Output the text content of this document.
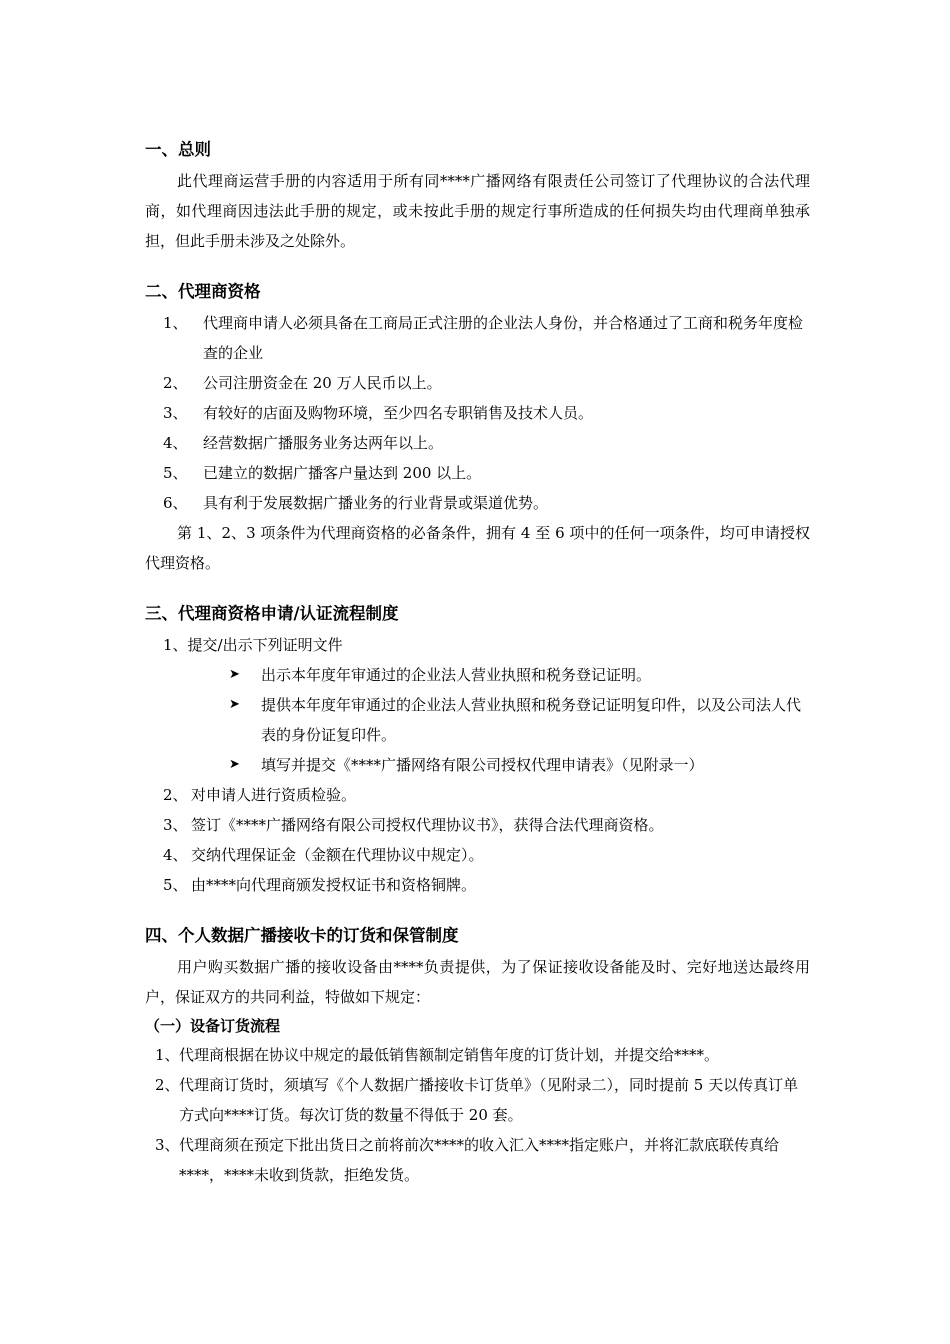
一、总则

此代理商运营手册的内容适用于所有同****广播网络有限责任公司签订了代理协议的合法代理商，如代理商因违法此手册的规定，或未按此手册的规定行事所造成的任何损失均由代理商单独承担，但此手册未涉及之处除外。

二、代理商资格
1、 代理商申请人必须具备在工商局正式注册的企业法人身份，并合格通过了工商和税务年度检查的企业
2、 公司注册资金在 20 万人民币以上。
3、 有较好的店面及购物环境，至少四名专职销售及技术人员。
4、 经营数据广播服务业务达两年以上。
5、 已建立的数据广播客户量达到 200 以上。
6、 具有利于发展数据广播业务的行业背景或渠道优势。

第 1、2、3 项条件为代理商资格的必备条件，拥有 4 至 6 项中的任何一项条件，均可申请授权代理资格。

三、代理商资格申请/认证流程制度
1、提交/出示下列证明文件
➤ 出示本年度年审通过的企业法人营业执照和税务登记证明。
➤ 提供本年度年审通过的企业法人营业执照和税务登记证明复印件，以及公司法人代表的身份证复印件。
➤ 填写并提交《****广播网络有限公司授权代理申请表》（见附录一）
2、 对申请人进行资质检验。
3、 签订《****广播网络有限公司授权代理协议书》，获得合法代理商资格。
4、 交纳代理保证金（金额在代理协议中规定）。
5、 由****向代理商颁发授权证书和资格铜牌。
四、个人数据广播接收卡的订货和保管制度

用户购买数据广播的接收设备由****负责提供，为了保证接收设备能及时、完好地送达最终用户，保证双方的共同利益，特做如下规定：

（一）设备订货流程

1、 代理商根据在协议中规定的最低销售额制定销售年度的订货计划，并提交给****。
2、 代理商订货时，须填写《个人数据广播接收卡订货单》（见附录二），同时提前 5 天以传真订单方式向****订货。每次订货的数量不得低于 20 套。
3、 代理商须在预定下批出货日之前将前次****的收入汇入****指定账户，并将汇款底联传真给****，****未收到货款，拒绝发货。
